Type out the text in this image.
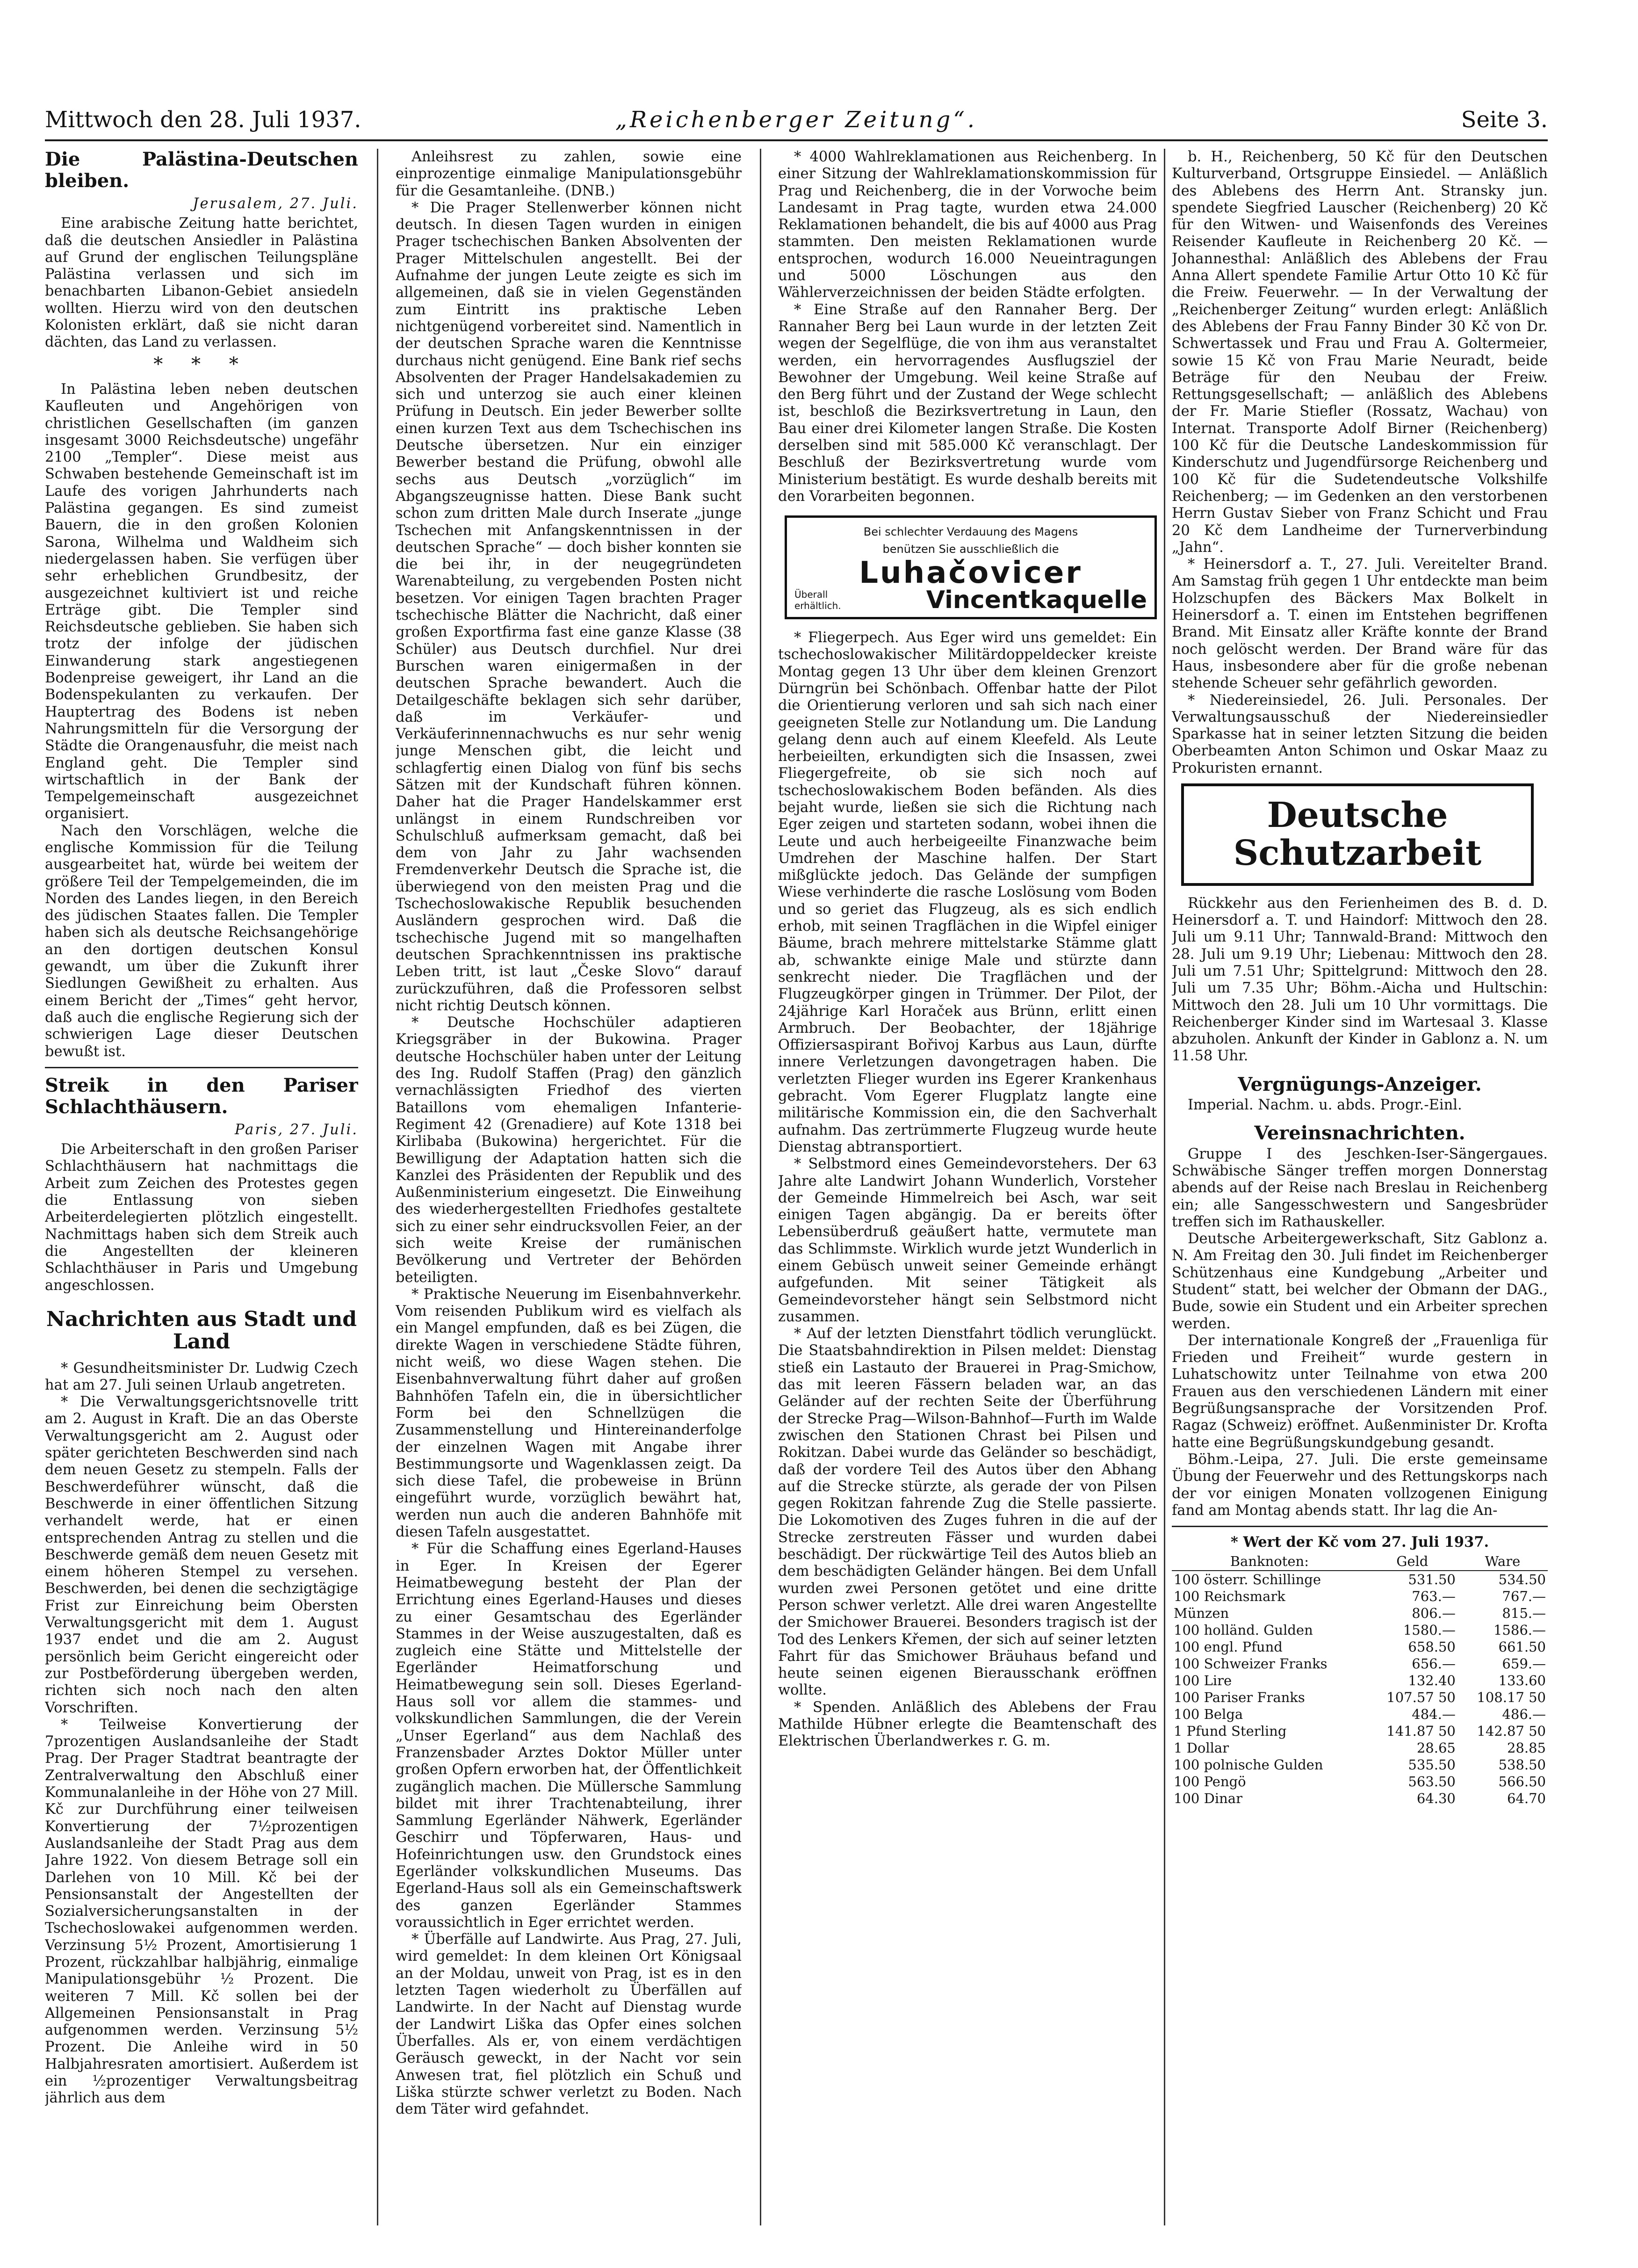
Mittwoch den 28. Juli 1937.	„Reichenberger Zeitung“.	Seite 3.
Die Palästina-Deutschen bleiben.
Jerusalem, 27. Juli.

Eine arabische Zeitung hatte berichtet, daß die deutschen Ansiedler in Palästina auf Grund der englischen Teilungspläne Palästina verlassen und sich im benachbarten Libanon-Gebiet ansiedeln wollten. Hierzu wird von den deutschen Kolonisten erklärt, daß sie nicht daran dächten, das Land zu verlassen.

* * *

In Palästina leben neben deutschen Kaufleuten und Angehörigen von christlichen Gesellschaften (im ganzen insgesamt 3000 Reichsdeutsche) ungefähr 2100 „Templer“. Diese meist aus Schwaben bestehende Gemeinschaft ist im Laufe des vorigen Jahrhunderts nach Palästina gegangen. Es sind zumeist Bauern, die in den großen Kolonien Sarona, Wilhelma und Waldheim sich niedergelassen haben. Sie verfügen über sehr erheblichen Grundbesitz, der ausgezeichnet kultiviert ist und reiche Erträge gibt. Die Templer sind Reichsdeutsche geblieben. Sie haben sich trotz der infolge der jüdischen Einwanderung stark angestiegenen Bodenpreise geweigert, ihr Land an die Bodenspekulanten zu verkaufen. Der Hauptertrag des Bodens ist neben Nahrungsmitteln für die Versorgung der Städte die Orangenausfuhr, die meist nach England geht. Die Templer sind wirtschaftlich in der Bank der Tempelgemeinschaft ausgezeichnet organisiert.

Nach den Vorschlägen, welche die englische Kommission für die Teilung ausgearbeitet hat, würde bei weitem der größere Teil der Tempelgemeinden, die im Norden des Landes liegen, in den Bereich des jüdischen Staates fallen. Die Templer haben sich als deutsche Reichsangehörige an den dortigen deutschen Konsul gewandt, um über die Zukunft ihrer Siedlungen Gewißheit zu erhalten. Aus einem Bericht der „Times“ geht hervor, daß auch die englische Regierung sich der schwierigen Lage dieser Deutschen bewußt ist.

Streik in den Pariser Schlachthäusern.
Paris, 27. Juli.

Die Arbeiterschaft in den großen Pariser Schlachthäusern hat nachmittags die Arbeit zum Zeichen des Protestes gegen die Entlassung von sieben Arbeiterdelegierten plötzlich eingestellt. Nachmittags haben sich dem Streik auch die Angestellten der kleineren Schlachthäuser in Paris und Umgebung angeschlossen.

Nachrichten aus Stadt und Land

* Gesundheitsminister Dr. Ludwig Czech hat am 27. Juli seinen Urlaub angetreten.

* Die Verwaltungsgerichtsnovelle tritt am 2. August in Kraft. Die an das Oberste Verwaltungsgericht am 2. August oder später gerichteten Beschwerden sind nach dem neuen Gesetz zu stempeln. Falls der Beschwerdeführer wünscht, daß die Beschwerde in einer öffentlichen Sitzung verhandelt werde, hat er einen entsprechenden Antrag zu stellen und die Beschwerde gemäß dem neuen Gesetz mit einem höheren Stempel zu versehen. Beschwerden, bei denen die sechzigtägige Frist zur Einreichung beim Obersten Verwaltungsgericht mit dem 1. August 1937 endet und die am 2. August persönlich beim Gericht eingereicht oder zur Postbeförderung übergeben werden, richten sich noch nach den alten Vorschriften.

* Teilweise Konvertierung der 7prozentigen Auslandsanleihe der Stadt Prag. Der Prager Stadtrat beantragte der Zentralverwaltung den Abschluß einer Kommunalanleihe in der Höhe von 27 Mill. Kč zur Durchführung einer teilweisen Konvertierung der 7½prozentigen Auslandsanleihe der Stadt Prag aus dem Jahre 1922. Von diesem Betrage soll ein Darlehen von 10 Mill. Kč bei der Pensionsanstalt der Angestellten der Sozialversicherungsanstalten in der Tschechoslowakei aufgenommen werden. Verzinsung 5½ Prozent, Amortisierung 1 Prozent, rückzahlbar halbjährig, einmalige Manipulationsgebühr ½ Prozent. Die weiteren 7 Mill. Kč sollen bei der Allgemeinen Pensionsanstalt in Prag aufgenommen werden. Verzinsung 5½ Prozent. Die Anleihe wird in 50 Halbjahresraten amortisiert. Außerdem ist ein ½prozentiger Verwaltungsbeitrag jährlich aus dem

Anleihsrest zu zahlen, sowie eine einprozentige einmalige Manipulationsgebühr für die Gesamtanleihe. (DNB.)

* Die Prager Stellenwerber können nicht deutsch. In diesen Tagen wurden in einigen Prager tschechischen Banken Absolventen der Prager Mittelschulen angestellt. Bei der Aufnahme der jungen Leute zeigte es sich im allgemeinen, daß sie in vielen Gegenständen zum Eintritt ins praktische Leben nichtgenügend vorbereitet sind. Namentlich in der deutschen Sprache waren die Kenntnisse durchaus nicht genügend. Eine Bank rief sechs Absolventen der Prager Handelsakademien zu sich und unterzog sie auch einer kleinen Prüfung in Deutsch. Ein jeder Bewerber sollte einen kurzen Text aus dem Tschechischen ins Deutsche übersetzen. Nur ein einziger Bewerber bestand die Prüfung, obwohl alle sechs aus Deutsch „vorzüglich“ im Abgangszeugnisse hatten. Diese Bank sucht schon zum dritten Male durch Inserate „junge Tschechen mit Anfangskenntnissen in der deutschen Sprache“ — doch bisher konnten sie die bei ihr, in der neugegründeten Warenabteilung, zu vergebenden Posten nicht besetzen. Vor einigen Tagen brachten Prager tschechische Blätter die Nachricht, daß einer großen Exportfirma fast eine ganze Klasse (38 Schüler) aus Deutsch durchfiel. Nur drei Burschen waren einigermaßen in der deutschen Sprache bewandert. Auch die Detailgeschäfte beklagen sich sehr darüber, daß im Verkäufer- und Verkäuferinnennachwuchs es nur sehr wenig junge Menschen gibt, die leicht und schlagfertig einen Dialog von fünf bis sechs Sätzen mit der Kundschaft führen können. Daher hat die Prager Handelskammer erst unlängst in einem Rundschreiben vor Schulschluß aufmerksam gemacht, daß bei dem von Jahr zu Jahr wachsenden Fremdenverkehr Deutsch die Sprache ist, die überwiegend von den meisten Prag und die Tschechoslowakische Republik besuchenden Ausländern gesprochen wird. Daß die tschechische Jugend mit so mangelhaften deutschen Sprachkenntnissen ins praktische Leben tritt, ist laut „Česke Slovo“ darauf zurückzuführen, daß die Professoren selbst nicht richtig Deutsch können.

* Deutsche Hochschüler adaptieren Kriegsgräber in der Bukowina. Prager deutsche Hochschüler haben unter der Leitung des Ing. Rudolf Staffen (Prag) den gänzlich vernachlässigten Friedhof des vierten Bataillons vom ehemaligen Infanterie-Regiment 42 (Grenadiere) auf Kote 1318 bei Kirlibaba (Bukowina) hergerichtet. Für die Bewilligung der Adaptation hatten sich die Kanzlei des Präsidenten der Republik und des Außenministerium eingesetzt. Die Einweihung des wiederhergestellten Friedhofes gestaltete sich zu einer sehr eindrucksvollen Feier, an der sich weite Kreise der rumänischen Bevölkerung und Vertreter der Behörden beteiligten.

* Praktische Neuerung im Eisenbahnverkehr. Vom reisenden Publikum wird es vielfach als ein Mangel empfunden, daß es bei Zügen, die direkte Wagen in verschiedene Städte führen, nicht weiß, wo diese Wagen stehen. Die Eisenbahnverwaltung führt daher auf großen Bahnhöfen Tafeln ein, die in übersichtlicher Form bei den Schnellzügen die Zusammenstellung und Hintereinanderfolge der einzelnen Wagen mit Angabe ihrer Bestimmungsorte und Wagenklassen zeigt. Da sich diese Tafel, die probeweise in Brünn eingeführt wurde, vorzüglich bewährt hat, werden nun auch die anderen Bahnhöfe mit diesen Tafeln ausgestattet.

* Für die Schaffung eines Egerland-Hauses in Eger. In Kreisen der Egerer Heimatbewegung besteht der Plan der Errichtung eines Egerland-Hauses und dieses zu einer Gesamtschau des Egerländer Stammes in der Weise auszugestalten, daß es zugleich eine Stätte und Mittelstelle der Egerländer Heimatforschung und Heimatbewegung sein soll. Dieses Egerland-Haus soll vor allem die stammes- und volkskundlichen Sammlungen, die der Verein „Unser Egerland“ aus dem Nachlaß des Franzensbader Arztes Doktor Müller unter großen Opfern erworben hat, der Öffentlichkeit zugänglich machen. Die Müllersche Sammlung bildet mit ihrer Trachtenabteilung, ihrer Sammlung Egerländer Nähwerk, Egerländer Geschirr und Töpferwaren, Haus- und Hofeinrichtungen usw. den Grundstock eines Egerländer volkskundlichen Museums. Das Egerland-Haus soll als ein Gemeinschaftswerk des ganzen Egerländer Stammes voraussichtlich in Eger errichtet werden.

* Überfälle auf Landwirte. Aus Prag, 27. Juli, wird gemeldet: In dem kleinen Ort Königsaal an der Moldau, unweit von Prag, ist es in den letzten Tagen wiederholt zu Überfällen auf Landwirte. In der Nacht auf Dienstag wurde der Landwirt Liška das Opfer eines solchen Überfalles. Als er, von einem verdächtigen Geräusch geweckt, in der Nacht vor sein Anwesen trat, fiel plötzlich ein Schuß und Liška stürzte schwer verletzt zu Boden. Nach dem Täter wird gefahndet.

* 4000 Wahlreklamationen aus Reichenberg. In einer Sitzung der Wahlreklamationskommission für Prag und Reichenberg, die in der Vorwoche beim Landesamt in Prag tagte, wurden etwa 24.000 Reklamationen behandelt, die bis auf 4000 aus Prag stammten. Den meisten Reklamationen wurde entsprochen, wodurch 16.000 Neueintragungen und 5000 Löschungen aus den Wählerverzeichnissen der beiden Städte erfolgten.

* Eine Straße auf den Rannaher Berg. Der Rannaher Berg bei Laun wurde in der letzten Zeit wegen der Segelflüge, die von ihm aus veranstaltet werden, ein hervorragendes Ausflugsziel der Bewohner der Umgebung. Weil keine Straße auf den Berg führt und der Zustand der Wege schlecht ist, beschloß die Bezirksvertretung in Laun, den Bau einer drei Kilometer langen Straße. Die Kosten derselben sind mit 585.000 Kč veranschlagt. Der Beschluß der Bezirksvertretung wurde vom Ministerium bestätigt. Es wurde deshalb bereits mit den Vorarbeiten begonnen.

Bei schlechter Verdauung des Magens
benützen Sie ausschließlich die
Luhačovicer
Überall
erhältlich.	Vincentkaquelle

* Fliegerpech. Aus Eger wird uns gemeldet: Ein tschechoslowakischer Militärdoppeldecker kreiste Montag gegen 13 Uhr über dem kleinen Grenzort Dürngrün bei Schönbach. Offenbar hatte der Pilot die Orientierung verloren und sah sich nach einer geeigneten Stelle zur Notlandung um. Die Landung gelang denn auch auf einem Kleefeld. Als Leute herbeieilten, erkundigten sich die Insassen, zwei Fliegergefreite, ob sie sich noch auf tschechoslowakischem Boden befänden. Als dies bejaht wurde, ließen sie sich die Richtung nach Eger zeigen und starteten sodann, wobei ihnen die Leute und auch herbeigeeilte Finanzwache beim Umdrehen der Maschine halfen. Der Start mißglückte jedoch. Das Gelände der sumpfigen Wiese verhinderte die rasche Loslösung vom Boden und so geriet das Flugzeug, als es sich endlich erhob, mit seinen Tragflächen in die Wipfel einiger Bäume, brach mehrere mittelstarke Stämme glatt ab, schwankte einige Male und stürzte dann senkrecht nieder. Die Tragflächen und der Flugzeugkörper gingen in Trümmer. Der Pilot, der 24jährige Karl Horaček aus Brünn, erlitt einen Armbruch. Der Beobachter, der 18jährige Offiziersaspirant Bořivoj Karbus aus Laun, dürfte innere Verletzungen davongetragen haben. Die verletzten Flieger wurden ins Egerer Krankenhaus gebracht. Vom Egerer Flugplatz langte eine militärische Kommission ein, die den Sachverhalt aufnahm. Das zertrümmerte Flugzeug wurde heute Dienstag abtransportiert.

* Selbstmord eines Gemeindevorstehers. Der 63 Jahre alte Landwirt Johann Wunderlich, Vorsteher der Gemeinde Himmelreich bei Asch, war seit einigen Tagen abgängig. Da er bereits öfter Lebensüberdruß geäußert hatte, vermutete man das Schlimmste. Wirklich wurde jetzt Wunderlich in einem Gebüsch unweit seiner Gemeinde erhängt aufgefunden. Mit seiner Tätigkeit als Gemeindevorsteher hängt sein Selbstmord nicht zusammen.

* Auf der letzten Dienstfahrt tödlich verunglückt. Die Staatsbahndirektion in Pilsen meldet: Dienstag stieß ein Lastauto der Brauerei in Prag-Smichow, das mit leeren Fässern beladen war, an das Geländer auf der rechten Seite der Überführung der Strecke Prag—Wilson-Bahnhof—Furth im Walde zwischen den Stationen Chrast bei Pilsen und Rokitzan. Dabei wurde das Geländer so beschädigt, daß der vordere Teil des Autos über den Abhang auf die Strecke stürzte, als gerade der von Pilsen gegen Rokitzan fahrende Zug die Stelle passierte. Die Lokomotiven des Zuges fuhren in die auf der Strecke zerstreuten Fässer und wurden dabei beschädigt. Der rückwärtige Teil des Autos blieb an dem beschädigten Geländer hängen. Bei dem Unfall wurden zwei Personen getötet und eine dritte Person schwer verletzt. Alle drei waren Angestellte der Smichower Brauerei. Besonders tragisch ist der Tod des Lenkers Křemen, der sich auf seiner letzten Fahrt für das Smichower Bräuhaus befand und heute seinen eigenen Bierausschank eröffnen wollte.

* Spenden. Anläßlich des Ablebens der Frau Mathilde Hübner erlegte die Beamtenschaft des Elektrischen Überlandwerkes r. G. m.

b. H., Reichenberg, 50 Kč für den Deutschen Kulturverband, Ortsgruppe Einsiedel. — Anläßlich des Ablebens des Herrn Ant. Stransky jun. spendete Siegfried Lauscher (Reichenberg) 20 Kč für den Witwen- und Waisenfonds des Vereines Reisender Kaufleute in Reichenberg 20 Kč. — Johannesthal: Anläßlich des Ablebens der Frau Anna Allert spendete Familie Artur Otto 10 Kč für die Freiw. Feuerwehr. — In der Verwaltung der „Reichenberger Zeitung“ wurden erlegt: Anläßlich des Ablebens der Frau Fanny Binder 30 Kč von Dr. Schwertassek und Frau und Frau A. Goltermeier, sowie 15 Kč von Frau Marie Neuradt, beide Beträge für den Neubau der Freiw. Rettungsgesellschaft; — anläßlich des Ablebens der Fr. Marie Stiefler (Rossatz, Wachau) von Internat. Transporte Adolf Birner (Reichenberg) 100 Kč für die Deutsche Landeskommission für Kinderschutz und Jugendfürsorge Reichenberg und 100 Kč für die Sudetendeutsche Volkshilfe Reichenberg; — im Gedenken an den verstorbenen Herrn Gustav Sieber von Franz Schicht und Frau 20 Kč dem Landheime der Turnerverbindung „Jahn“.

* Heinersdorf a. T., 27. Juli. Vereitelter Brand. Am Samstag früh gegen 1 Uhr entdeckte man beim Holzschupfen des Bäckers Max Bolkelt in Heinersdorf a. T. einen im Entstehen begriffenen Brand. Mit Einsatz aller Kräfte konnte der Brand noch gelöscht werden. Der Brand wäre für das Haus, insbesondere aber für die große nebenan stehende Scheuer sehr gefährlich geworden.

* Niedereinsiedel, 26. Juli. Personales. Der Verwaltungsausschuß der Niedereinsiedler Sparkasse hat in seiner letzten Sitzung die beiden Oberbeamten Anton Schimon und Oskar Maaz zu Prokuristen ernannt.

Deutsche Schutzarbeit

Rückkehr aus den Ferienheimen des B. d. D. Heinersdorf a. T. und Haindorf: Mittwoch den 28. Juli um 9.11 Uhr; Tannwald-Brand: Mittwoch den 28. Juli um 9.19 Uhr; Liebenau: Mittwoch den 28. Juli um 7.51 Uhr; Spittelgrund: Mittwoch den 28. Juli um 7.35 Uhr; Böhm.-Aicha und Hultschin: Mittwoch den 28. Juli um 10 Uhr vormittags. Die Reichenberger Kinder sind im Wartesaal 3. Klasse abzuholen. Ankunft der Kinder in Gablonz a. N. um 11.58 Uhr.

Vergnügungs-Anzeiger.

Imperial. Nachm. u. abds. Progr.-Einl.

Vereinsnachrichten.

Gruppe I des Jeschken-Iser-Sängergaues. Schwäbische Sänger treffen morgen Donnerstag abends auf der Reise nach Breslau in Reichenberg ein; alle Sangesschwestern und Sangesbrüder treffen sich im Rathauskeller.

Deutsche Arbeitergewerkschaft, Sitz Gablonz a. N. Am Freitag den 30. Juli findet im Reichenberger Schützenhaus eine Kundgebung „Arbeiter und Student“ statt, bei welcher der Obmann der DAG., Bude, sowie ein Student und ein Arbeiter sprechen werden.

Der internationale Kongreß der „Frauenliga für Frieden und Freiheit“ wurde gestern in Luhatschowitz unter Teilnahme von etwa 200 Frauen aus den verschiedenen Ländern mit einer Begrüßungsansprache der Vorsitzenden Prof. Ragaz (Schweiz) eröffnet. Außenminister Dr. Krofta hatte eine Begrüßungskundgebung gesandt.

Böhm.-Leipa, 27. Juli. Die erste gemeinsame Übung der Feuerwehr und des Rettungskorps nach der vor einigen Monaten vollzogenen Einigung fand am Montag abends statt. Ihr lag die An-

* Wert der Kč vom 27. Juli 1937.
Banknoten:	Geld	Ware
100 österr. Schillinge	531.50	534.50
100 Reichsmark	763.—	767.—
Münzen	806.—	815.—
100 holländ. Gulden	1580.—	1586.—
100 engl. Pfund	658.50	661.50
100 Schweizer Franks	656.—	659.—
100 Lire	132.40	133.60
100 Pariser Franks	107.57 50	108.17 50
100 Belga	484.—	486.—
1 Pfund Sterling	141.87 50	142.87 50
1 Dollar	28.65	28.85
100 polnische Gulden	535.50	538.50
100 Pengö	563.50	566.50
100 Dinar	64.30	64.70
